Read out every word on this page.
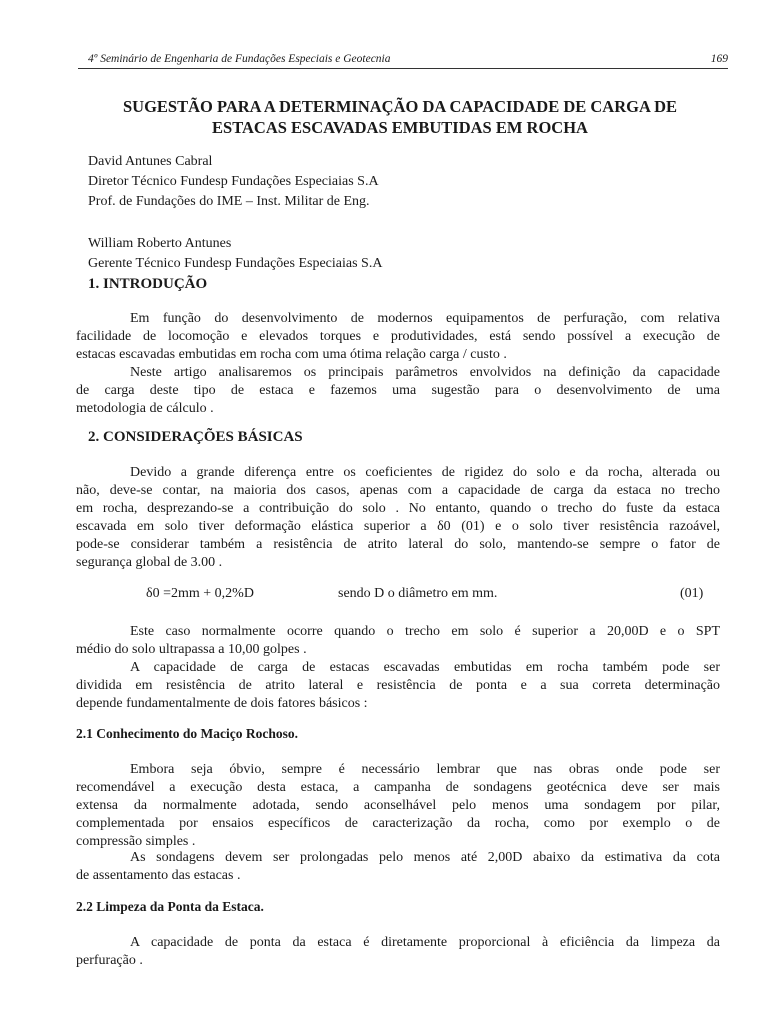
4º Seminário de Engenharia de Fundações Especiais e Geotecnia	169
SUGESTÃO PARA A DETERMINAÇÃO DA CAPACIDADE DE CARGA DE
ESTACAS ESCAVADAS EMBUTIDAS EM ROCHA
David Antunes Cabral
Diretor Técnico Fundesp Fundações Especiaias S.A
Prof. de Fundações do IME – Inst. Militar de Eng.
William Roberto Antunes
Gerente Técnico Fundesp Fundações Especiaias S.A
1. INTRODUÇÃO
Em função do desenvolvimento de modernos equipamentos de perfuração, com relativa
facilidade de locomoção e elevados torques e produtividades, está sendo possível a execução de
estacas escavadas embutidas em rocha com uma ótima relação carga / custo .
Neste artigo analisaremos os principais parâmetros envolvidos na definição da capacidade
de carga deste tipo de estaca e fazemos uma sugestão para o desenvolvimento de uma
metodologia de cálculo .
2. CONSIDERAÇÕES BÁSICAS
Devido a grande diferença entre os coeficientes de rigidez do solo e da rocha, alterada ou
não, deve-se contar, na maioria dos casos, apenas com a capacidade de carga da estaca no trecho
em rocha, desprezando-se a contribuição do solo . No entanto, quando o trecho do fuste da estaca
escavada em solo tiver deformação elástica superior a δ0 (01) e o solo tiver resistência razoável,
pode-se considerar também a resistência de atrito lateral do solo, mantendo-se sempre o fator de
segurança global de 3.00 .
δ0 =2mm + 0,2%D	sendo D o diâmetro em mm.	(01)
Este caso normalmente ocorre quando o trecho em solo é superior a 20,00D e o SPT
médio do solo ultrapassa a 10,00 golpes .
A capacidade de carga de estacas escavadas embutidas em rocha também pode ser
dividida em resistência de atrito lateral e resistência de ponta e a sua correta determinação
depende fundamentalmente de dois fatores básicos :
2.1 Conhecimento do Maciço Rochoso.
Embora seja óbvio, sempre é necessário lembrar que nas obras onde pode ser
recomendável a execução desta estaca, a campanha de sondagens geotécnica deve ser mais
extensa da normalmente adotada, sendo aconselhável pelo menos uma sondagem por pilar,
complementada por ensaios específicos de caracterização da rocha, como por exemplo o de
compressão simples .
As sondagens devem ser prolongadas pelo menos até 2,00D abaixo da estimativa da cota
de assentamento das estacas .
2.2 Limpeza da Ponta da Estaca.
A capacidade de ponta da estaca é diretamente proporcional à eficiência da limpeza da
perfuração .
